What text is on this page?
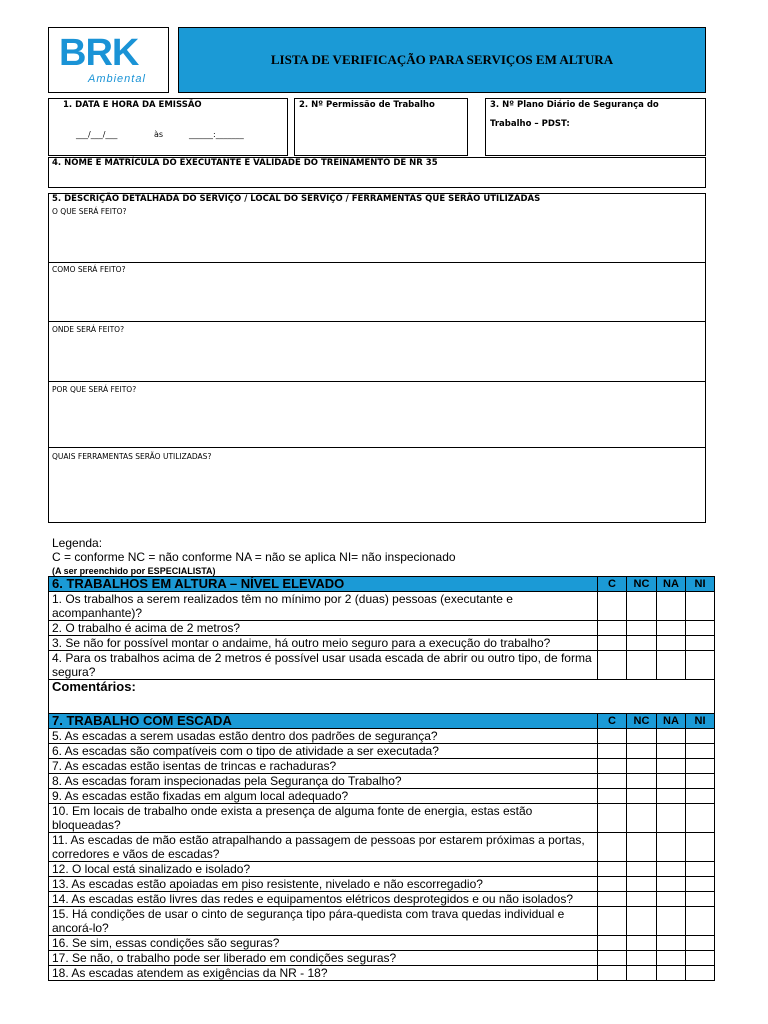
BRK
Ambiental
LISTA DE VERIFICAÇÃO PARA SERVIÇOS EM ALTURA
1. DATA E HORA DA EMISSÃO
___/___/___	às	______:_______
2. Nº Permissão de Trabalho	3. Nº Plano Diário de Segurança do
Trabalho – PDST:
4. NOME E MATRÍCULA DO EXECUTANTE E VALIDADE DO TREINAMENTO DE NR 35
5. DESCRIÇÃO DETALHADA DO SERVIÇO / LOCAL DO SERVIÇO / FERRAMENTAS QUE SERÃO UTILIZADAS
O QUE SERÁ FEITO?
COMO SERÁ FEITO?
ONDE SERÁ FEITO?
POR QUE SERÁ FEITO?
QUAIS FERRAMENTAS SERÃO UTILIZADAS?
Legenda:
C = conforme NC = não conforme NA = não se aplica NI= não inspecionado
(A ser preenchido por ESPECIALISTA)
6. TRABALHOS EM ALTURA – NÍVEL ELEVADO	C	NC	NA	NI
1. Os trabalhos a serem realizados têm no mínimo por 2 (duas) pessoas (executante e acompanhante)?				
2. O trabalho é acima de 2 metros?				
3. Se não for possível montar o andaime, há outro meio seguro para a execução do trabalho?				
4. Para os trabalhos acima de 2 metros é possível usar usada escada de abrir ou outro tipo, de forma segura?				
Comentários:				
7. TRABALHO COM ESCADA	C	NC	NA	NI
5. As escadas a serem usadas estão dentro dos padrões de segurança?				
6. As escadas são compatíveis com o tipo de atividade a ser executada?				
7. As escadas estão isentas de trincas e rachaduras?				
8. As escadas foram inspecionadas pela Segurança do Trabalho?				
9. As escadas estão fixadas em algum local adequado?				
10. Em locais de trabalho onde exista a presença de alguma fonte de energia, estas estão bloqueadas?				
11. As escadas de mão estão atrapalhando a passagem de pessoas por estarem próximas a portas, corredores e vãos de escadas?				
12. O local está sinalizado e isolado?				
13. As escadas estão apoiadas em piso resistente, nivelado e não escorregadio?				
14. As escadas estão livres das redes e equipamentos elétricos desprotegidos e ou não isolados?				
15. Há condições de usar o cinto de segurança tipo pára-quedista com trava quedas individual e ancorá-lo?				
16. Se sim, essas condições são seguras?				
17. Se não, o trabalho pode ser liberado em condições seguras?				
18. As escadas atendem as exigências da NR - 18?				
